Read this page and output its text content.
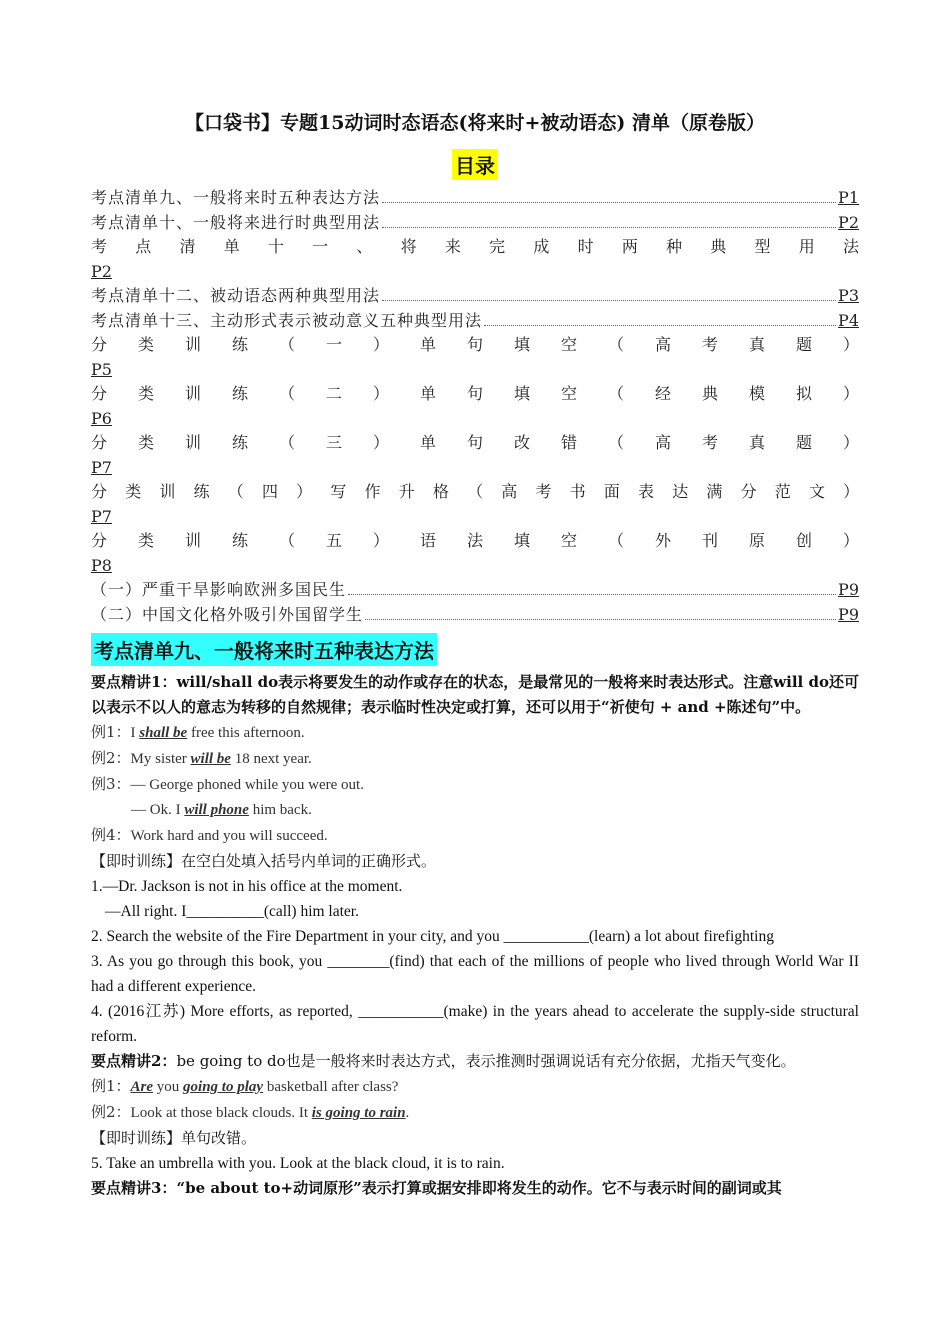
【口袋书】专题15动词时态语态(将来时+被动语态) 清单（原卷版）
目录
考点清单九、一般将来时五种表达方法	P1
考点清单十、一般将来进行时典型用法	P2
考 点 清 单 十 一 、 将 来 完 成 时 两 种 典 型 用 法
P2
考点清单十二、被动语态两种典型用法	P3
考点清单十三、主动形式表示被动意义五种典型用法	P4
分 类 训 练 （ 一 ） 单 句 填 空 （ 高 考 真 题 ）
P5
分 类 训 练 （ 二 ） 单 句 填 空 （ 经 典 模 拟 ）
P6
分 类 训 练 （ 三 ） 单 句 改 错 （ 高 考 真 题 ）
P7
分 类 训 练 （ 四 ） 写 作 升 格 （ 高 考 书 面 表 达 满 分 范 文 ）
P7
分 类 训 练 （ 五 ） 语 法 填 空 （ 外 刊 原 创 ）
P8
（一）严重干旱影响欧洲多国民生	P9
（二）中国文化格外吸引外国留学生	P9
考点清单九、一般将来时五种表达方法
要点精讲1：will/shall do表示将要发生的动作或存在的状态，是最常见的一般将来时表达形式。注意will do还可以表示不以人的意志为转移的自然规律；表示临时性决定或打算，还可以用于“祈使句 + and +陈述句”中。
例1：I shall be free this afternoon.
例2：My sister will be 18 next year.
例3：— George phoned while you were out.
— Ok. I will phone him back.
例4：Work hard and you will succeed.
【即时训练】在空白处填入括号内单词的正确形式。
1.—Dr. Jackson is not in his office at the moment.
—All right. I__________(call) him later.
2. Search the website of the Fire Department in your city, and you ___________(learn) a lot about firefighting
3. As you go through this book, you ________(find) that each of the millions of people who lived through World War II had a different experience.
4. (2016江苏) More efforts, as reported, ___________(make) in the years ahead to accelerate the supply-side structural reform.
要点精讲2：be going to do也是一般将来时表达方式，表示推测时强调说话有充分依据，尤指天气变化。
例1：Are you going to play basketball after class?
例2：Look at those black clouds. It is going to rain.
【即时训练】单句改错。
5. Take an umbrella with you. Look at the black cloud, it is to rain.
要点精讲3：“be about to+动词原形”表示打算或据安排即将发生的动作。它不与表示时间的副词或其
